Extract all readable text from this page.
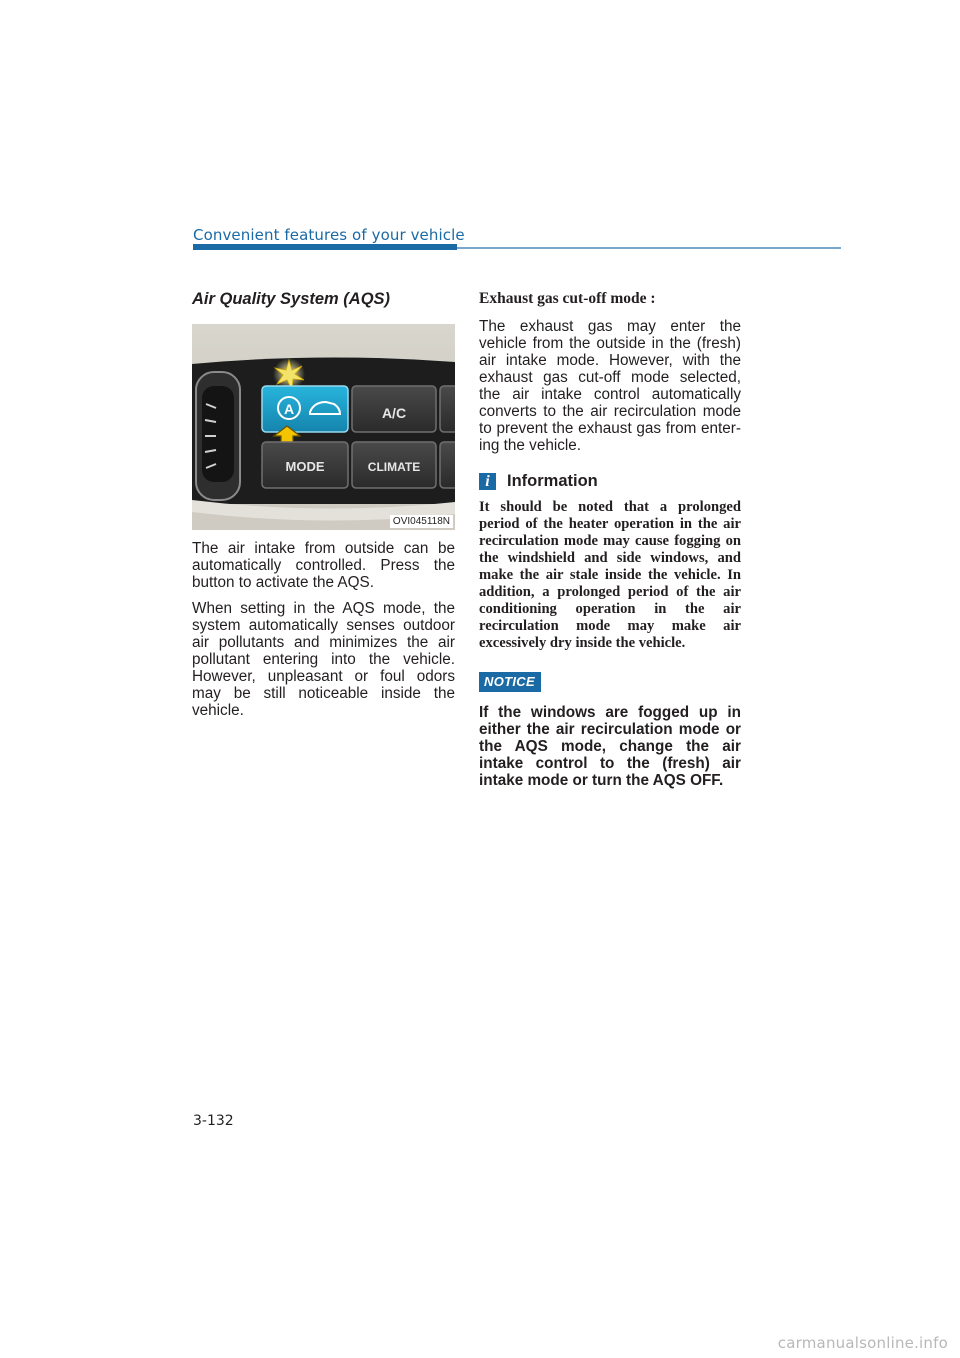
Convenient features of your vehicle
Air Quality System (AQS)
A	A/C
MODE	CLIMATE
OVI045118N

The air intake from outside can be automatically controlled. Press the button to activate the AQS.

When setting in the AQS mode, the system automatically senses outdoor air pollutants and minimizes the air pollutant entering into the vehicle. However, unpleasant or foul odors may be still noticeable inside the vehicle.

Exhaust gas cut-off mode :

The exhaust gas may enter the vehicle from the outside in the (fresh) air intake mode. However, with the exhaust gas cut-off mode selected, the air intake control automatically converts to the air recirculation mode to prevent the exhaust gas from entering the vehicle.

i	Information

It should be noted that a prolonged period of the heater operation in the air recirculation mode may cause fogging on the windshield and side windows, and make the air stale inside the vehicle. In addition, a prolonged period of the air conditioning operation in the air recirculation mode may make air excessively dry inside the vehicle.

NOTICE

If the windows are fogged up in either the air recirculation mode or the AQS mode, change the air intake control to the (fresh) air intake mode or turn the AQS OFF.

3-132
carmanualsonline.info
